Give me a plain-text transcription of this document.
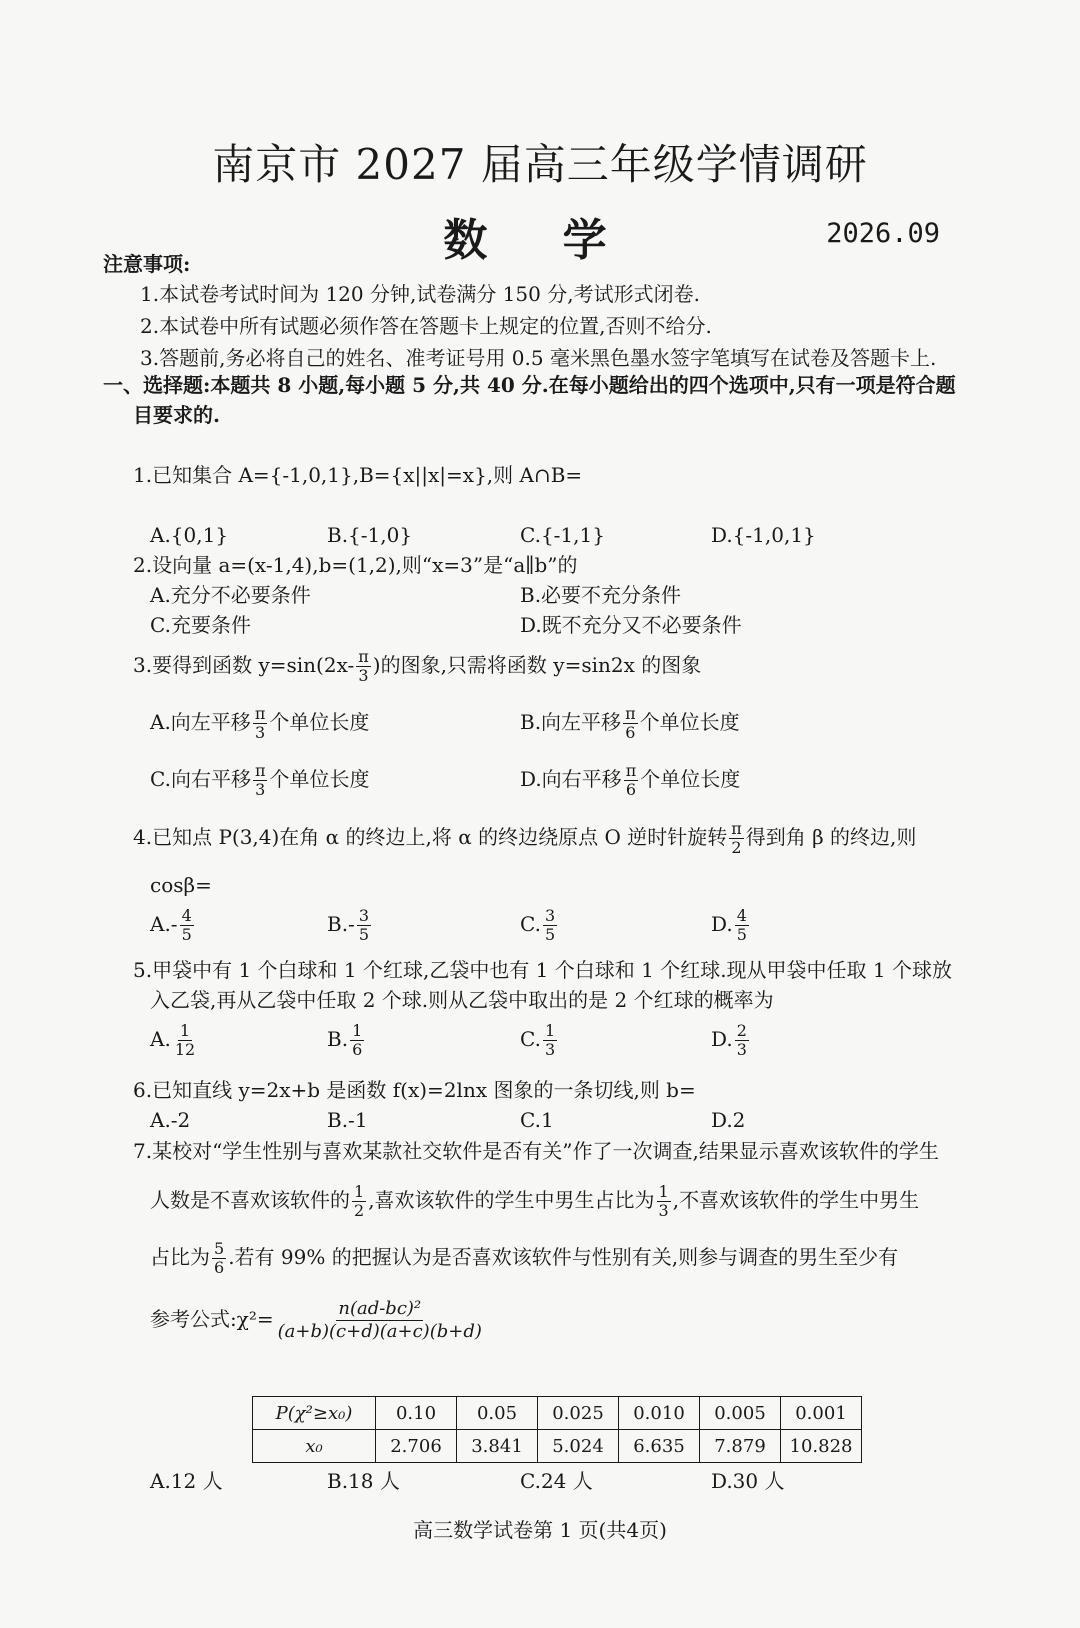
南京市 2027 届高三年级学情调研
数 学	2026.09
注意事项:
1.本试卷考试时间为 120 分钟,试卷满分 150 分,考试形式闭卷.
2.本试卷中所有试题必须作答在答题卡上规定的位置,否则不给分.
3.答题前,务必将自己的姓名、准考证号用 0.5 毫米黑色墨水签字笔填写在试卷及答题卡上.
一、选择题:本题共 8 小题,每小题 5 分,共 40 分.在每小题给出的四个选项中,只有一项是符合题
目要求的.
1.已知集合 A={-1,0,1},B={x||x|=x},则 A∩B=
A.{0,1}	B.{-1,0}	C.{-1,1}	D.{-1,0,1}
2.设向量 a=(x-1,4),b=(1,2),则“x=3”是“a∥b”的
A.充分不必要条件	B.必要不充分条件
C.充要条件	D.既不充分又不必要条件
3.要得到函数 $y=\sin(2x- \frac{\pi}{3}$ )的图象,只需将函数 y=sin2x 的图象
A.向左平移 $\frac{\pi}{3}$ 个单位长度	B.向左平移 $\frac{\pi}{6}$ 个单位长度
C.向右平移 $\frac{\pi}{3}$ 个单位长度	D.向右平移 $\frac{\pi}{6}$ 个单位长度
4.已知点 P(3,4)在角 α 的终边上,将 α 的终边绕原点 O 逆时针旋转 $\frac{\pi}{2}$ 得到角 β 的终边,则
cosβ=
$A.- \frac{4}{5}$	$B.- \frac{3}{5}$	C. $\frac{3}{5}$	D. $\frac{4}{5}$
5.甲袋中有 1 个白球和 1 个红球,乙袋中也有 1 个白球和 1 个红球.现从甲袋中任取 1 个球放
入乙袋,再从乙袋中任取 2 个球.则从乙袋中取出的是 2 个红球的概率为
A. $\frac{1}{12}$	B. $\frac{1}{6}$	C. $\frac{1}{3}$	D. $\frac{2}{3}$
6.已知直线 y=2x+b 是函数 f(x)=2lnx 图象的一条切线,则 b=
A.-2	B.-1	C.1	D.2
7.某校对“学生性别与喜欢某款社交软件是否有关”作了一次调查,结果显示喜欢该软件的学生
人数是不喜欢该软件的 $\frac{1}{2}$ ,喜欢该软件的学生中男生占比为 $\frac{1}{3}$ ,不喜欢该软件的学生中男生
占比为 $\frac{5}{6}$ .若有 99% 的把握认为是否喜欢该软件与性别有关,则参与调查的男生至少有
参考公式:χ²= $\frac{\text{n(ad-bc)²}}{(a+b)(c+d)(a+c)(b+d)}$
P(χ²≥x₀)	0.10	0.05	0.025	0.010	0.005	0.001
x₀	2.706	3.841	5.024	6.635	7.879	10.828
A.12 人	B.18 人	C.24 人	D.30 人
高三数学试卷第 1 页(共4页)
